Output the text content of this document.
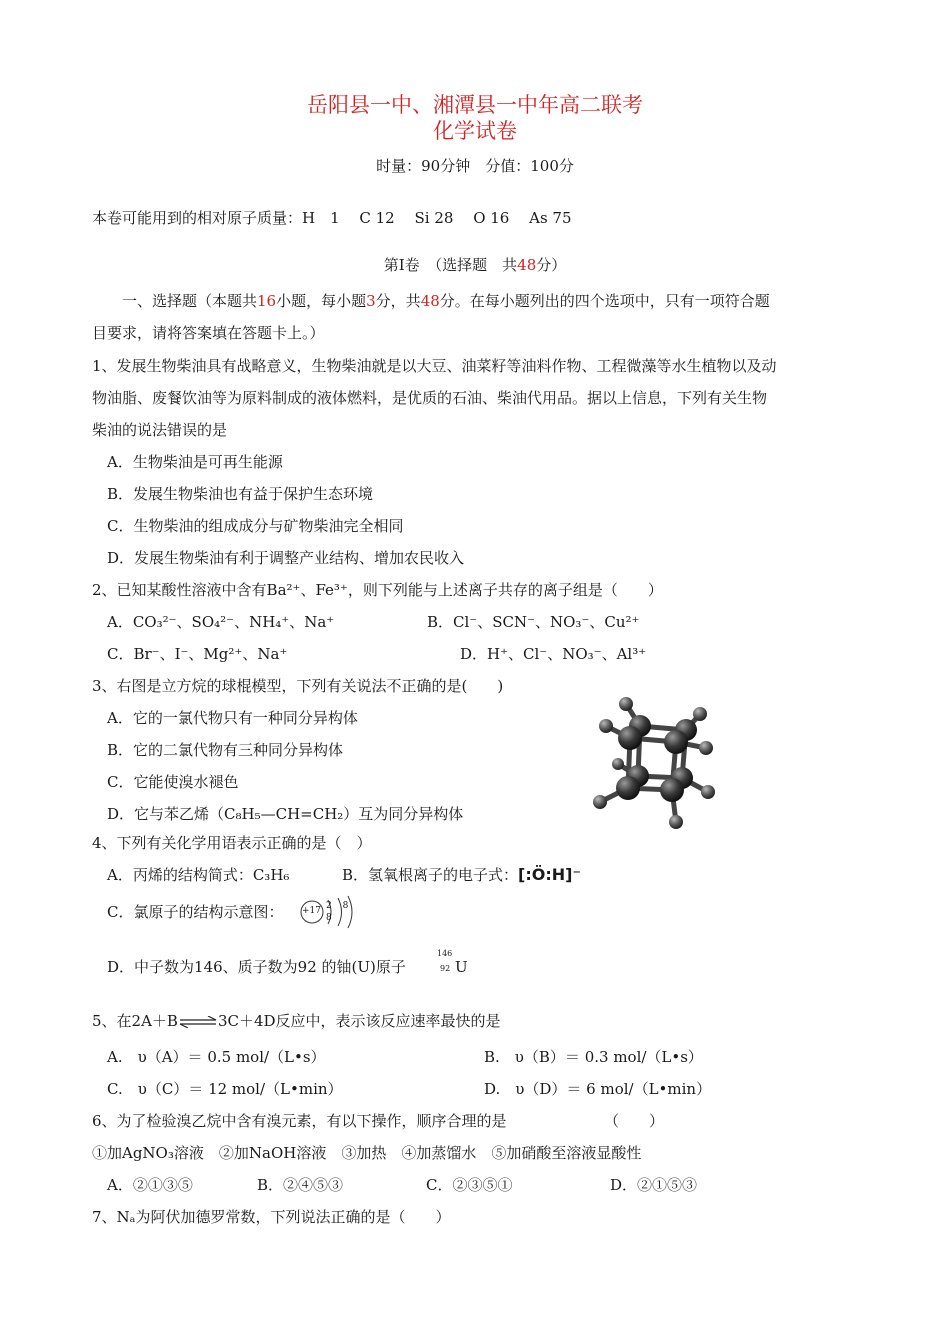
岳阳县一中、湘潭县一中年高二联考
化学试卷
时量：90分钟　分值：100分
本卷可能用到的相对原子质量：H　1　 C 12　 Si 28　 O 16　 As 75
第Ⅰ卷　（选择题　共48分）
一、选择题（本题共16小题，每小题3分，共48分。在每小题列出的四个选项中，只有一项符合题
目要求，请将答案填在答题卡上。）
1、发展生物柴油具有战略意义，生物柴油就是以大豆、油菜籽等油料作物、工程微藻等水生植物以及动
物油脂、废餐饮油等为原料制成的液体燃料，是优质的石油、柴油代用品。据以上信息，下列有关生物
柴油的说法错误的是
A．生物柴油是可再生能源
B．发展生物柴油也有益于保护生态环境
C．生物柴油的组成成分与矿物柴油完全相同
D．发展生物柴油有利于调整产业结构、增加农民收入
2、已知某酸性溶液中含有Ba²⁺、Fe³⁺，则下列能与上述离子共存的离子组是（　　）
A．CO₃²⁻、SO₄²⁻、NH₄⁺、Na⁺	B．Cl⁻、SCN⁻、NO₃⁻、Cu²⁺
C．Br⁻、I⁻、Mg²⁺、Na⁺	D．H⁺、Cl⁻、NO₃⁻、Al³⁺
3、右图是立方烷的球棍模型，下列有关说法不正确的是(　　)
A．它的一氯代物只有一种同分异构体
B．它的二氯代物有三种同分异构体
C．它能使溴水褪色
D．它与苯乙烯（C₈H₅—CH=CH₂）互为同分异构体
4、下列有关化学用语表示正确的是（　）
A．丙烯的结构简式：C₃H₆	B．氢氧根离子的电子式：[:Ö:H]⁻
C．氯原子的结构示意图： +17 2 8 8
D．中子数为146、质子数为92 的铀(U)原子
146
92 U
5、在2A＋B⇌3C＋4D反应中，表示该反应速率最快的是
A.　υ（A）＝ 0.5 mol/（L•s）	B.　υ（B）＝ 0.3 mol/（L•s）
C.　υ（C）＝ 12 mol/（L•min）	D.　υ（D）＝ 6 mol/（L•min）
6、为了检验溴乙烷中含有溴元素，有以下操作，顺序合理的是　　　　　　　（　　）
①加AgNO₃溶液　②加NaOH溶液　③加热　④加蒸馏水　⑤加硝酸至溶液显酸性
A．②①③⑤	B．②④⑤③	C．②③⑤①	D．②①⑤③
7、Nₐ为阿伏加德罗常数，下列说法正确的是（　　）
